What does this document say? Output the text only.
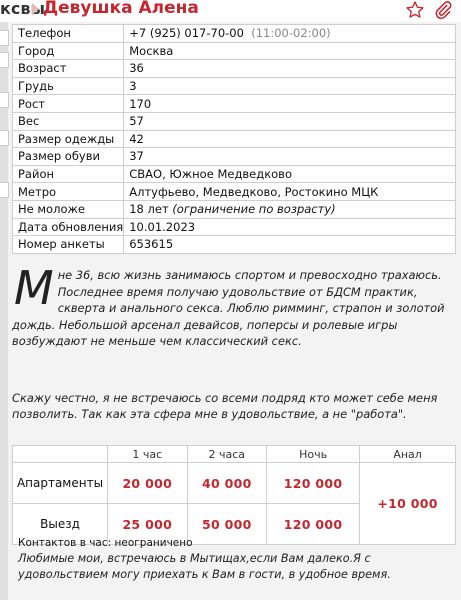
ксвы
Девушка Алена
Телефон	+7 (925) 017-70-00 (11:00-02:00)
Город	Москва
Возраст	36
Грудь	3
Рост	170
Вес	57
Размер одежды	42
Размер обуви	37
Район	СВАО, Южное Медведково
Метро	Алтуфьево, Медведково, Ростокино МЦК
Не моложе	18 лет (ограничение по возрасту)
Дата обновления	10.01.2023
Номер анкеты	653615
М не 36, всю жизнь занимаюсь спортом и превосходно трахаюсь. Последнее время получаю удовольствие от БДСМ практик, скверта и анального секса. Люблю римминг, страпон и золотой дождь. Небольшой арсенал девайсов, поперсы и ролевые игры возбуждают не меньше чем классический секс.

Скажу честно, я не встречаюсь со всеми подряд кто может себе меня позволить. Так как эта сфера мне в удовольствие, а не "работа".

	1 час	2 часа	Ночь	Анал
Апартаменты	20 000	40 000	120 000	+10 000
Выезд	25 000	50 000	120 000	

Контактов в час: неограничено

Любимые мои, встречаюсь в Мытищах,если Вам далеко.Я с удовольствием могу приехать к Вам в гости, в удобное время.
